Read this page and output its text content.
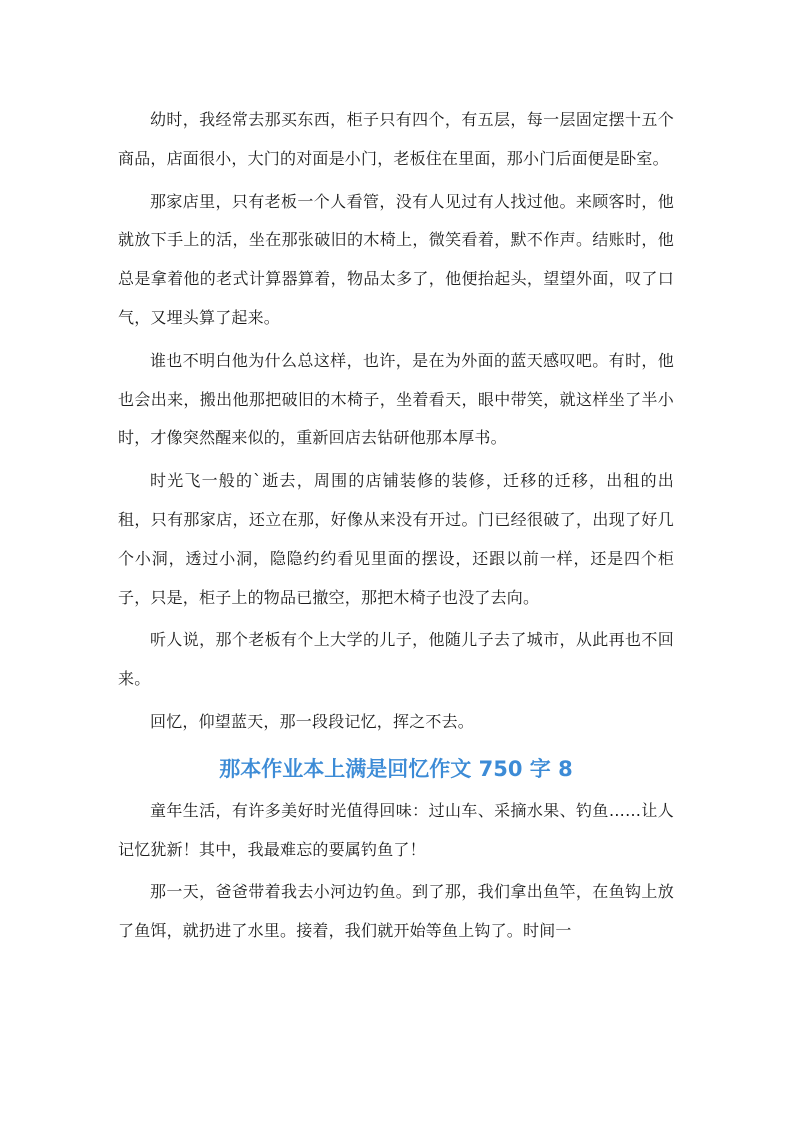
幼时，我经常去那买东西，柜子只有四个，有五层，每一层固定摆十五个商品，店面很小，大门的对面是小门，老板住在里面，那小门后面便是卧室。

那家店里，只有老板一个人看管，没有人见过有人找过他。来顾客时，他就放下手上的活，坐在那张破旧的木椅上，微笑看着，默不作声。结账时，他总是拿着他的老式计算器算着，物品太多了，他便抬起头，望望外面，叹了口气，又埋头算了起来。

谁也不明白他为什么总这样，也许，是在为外面的蓝天感叹吧。有时，他也会出来，搬出他那把破旧的木椅子，坐着看天，眼中带笑，就这样坐了半小时，才像突然醒来似的，重新回店去钻研他那本厚书。

时光飞一般的`逝去，周围的店铺装修的装修，迁移的迁移，出租的出租，只有那家店，还立在那，好像从来没有开过。门已经很破了，出现了好几个小洞，透过小洞，隐隐约约看见里面的摆设，还跟以前一样，还是四个柜子，只是，柜子上的物品已撤空，那把木椅子也没了去向。

听人说，那个老板有个上大学的儿子，他随儿子去了城市，从此再也不回来。

回忆，仰望蓝天，那一段段记忆，挥之不去。

那本作业本上满是回忆作文 750 字 8

童年生活，有许多美好时光值得回味：过山车、采摘水果、钓鱼……让人记忆犹新！其中，我最难忘的要属钓鱼了！

那一天，爸爸带着我去小河边钓鱼。到了那，我们拿出鱼竿，在鱼钩上放了鱼饵，就扔进了水里。接着，我们就开始等鱼上钩了。时间一
